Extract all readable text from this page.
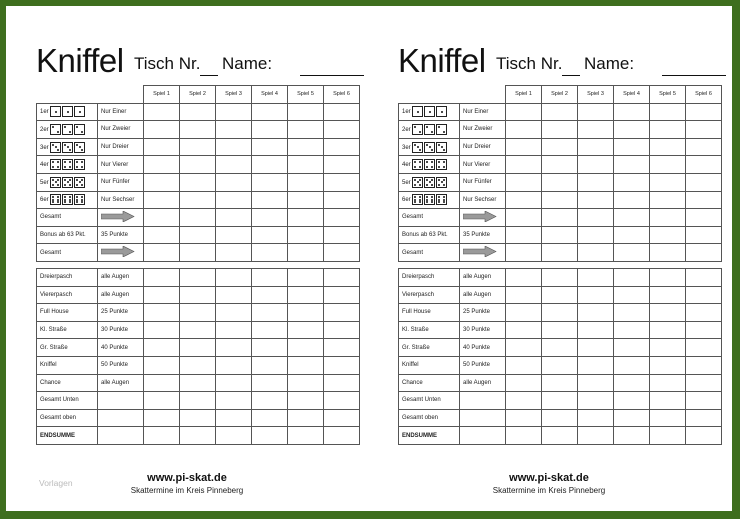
Kniffel Tisch Nr. Name:
		Spiel 1	Spiel 2	Spiel 3	Spiel 4	Spiel 5	Spiel 6
1er	Nur Einer						
2er	Nur Zweier						
3er	Nur Dreier						
4er	Nur Vierer						
5er	Nur Fünfer						
6er	Nur Sechser						
Gesamt							
Bonus ab 63 Pkt.	35 Punkte						
Gesamt							

Dreierpasch	alle Augen						
Viererpasch	alle Augen						
Full House	25 Punkte						
Kl. Straße	30 Punkte						
Gr. Straße	40 Punkte						
Kniffel	50 Punkte						
Chance	alle Augen						
Gesamt Unten							
Gesamt oben							
ENDSUMME							
www.pi-skat.de
Skattermine im Kreis Pinneberg
Kniffel Tisch Nr. Name:
		Spiel 1	Spiel 2	Spiel 3	Spiel 4	Spiel 5	Spiel 6
1er	Nur Einer						
2er	Nur Zweier						
3er	Nur Dreier						
4er	Nur Vierer						
5er	Nur Fünfer						
6er	Nur Sechser						
Gesamt							
Bonus ab 63 Pkt.	35 Punkte						
Gesamt							

Dreierpasch	alle Augen						
Viererpasch	alle Augen						
Full House	25 Punkte						
Kl. Straße	30 Punkte						
Gr. Straße	40 Punkte						
Kniffel	50 Punkte						
Chance	alle Augen						
Gesamt Unten							
Gesamt oben							
ENDSUMME							
www.pi-skat.de
Skattermine im Kreis Pinneberg
Vorlagen
